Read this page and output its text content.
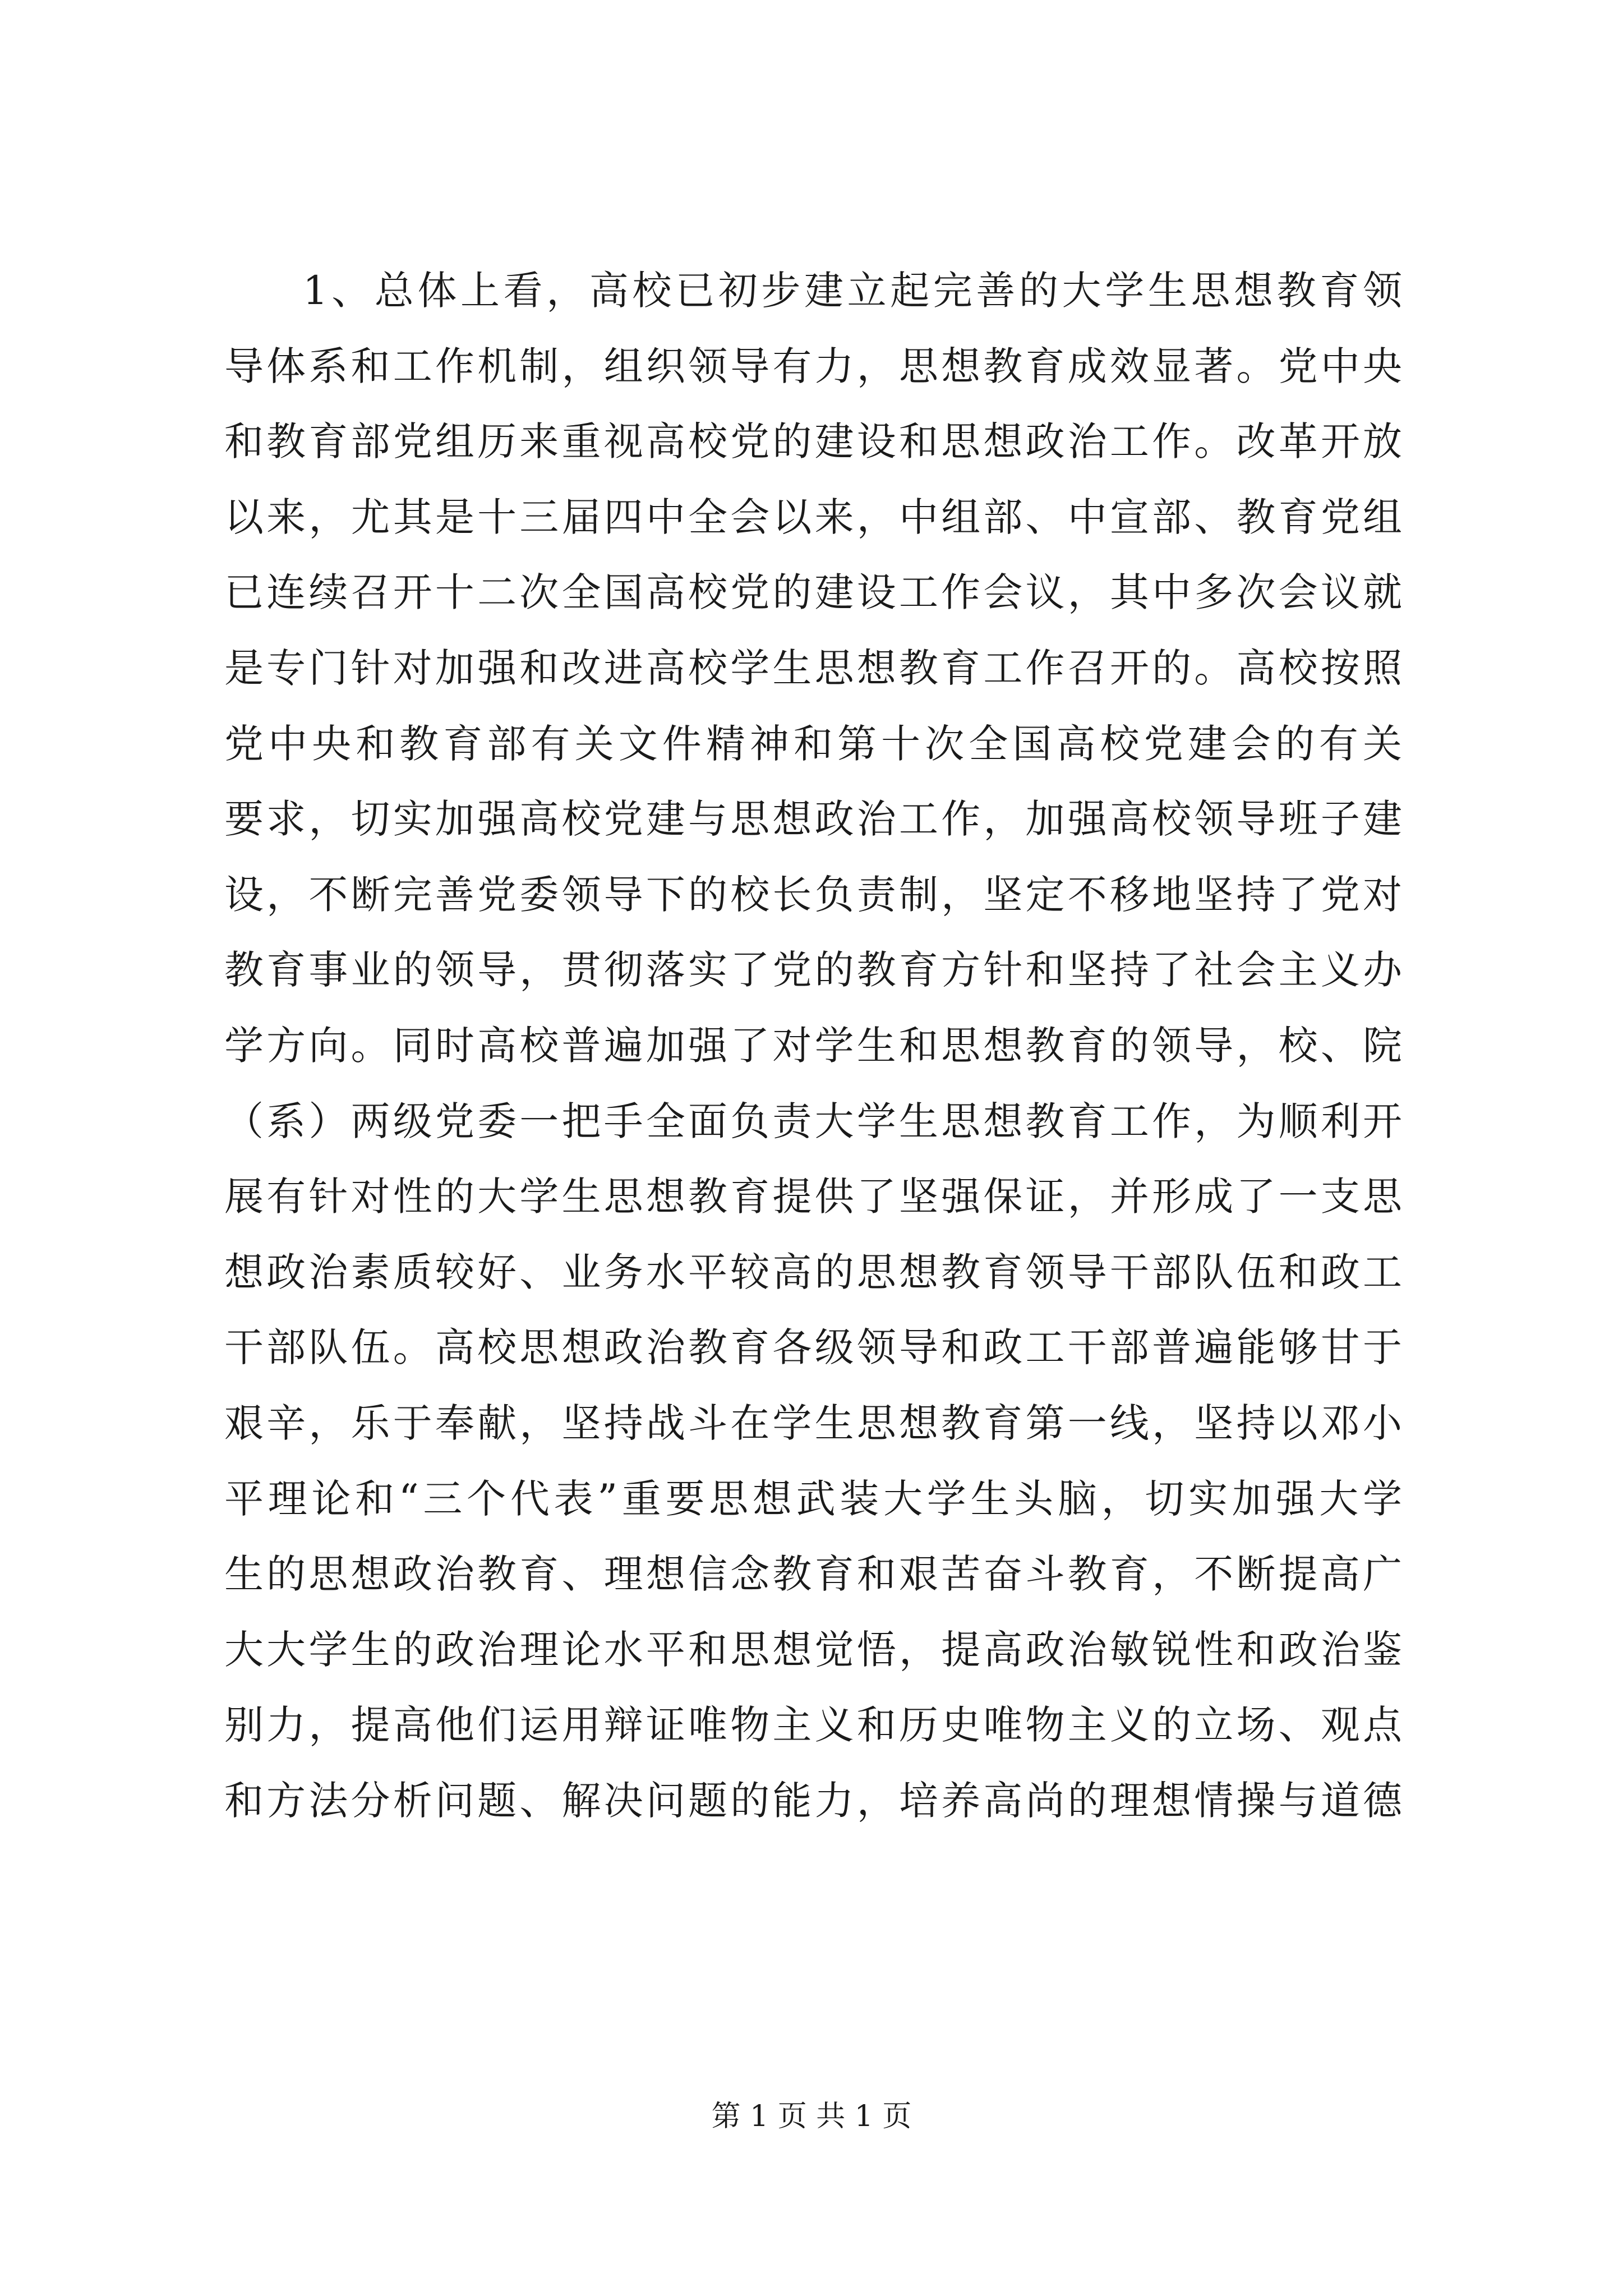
1、总体上看，高校已初步建立起完善的大学生思想教育领
导体系和工作机制，组织领导有力，思想教育成效显著。党中央
和教育部党组历来重视高校党的建设和思想政治工作。改革开放
以来，尤其是十三届四中全会以来，中组部、中宣部、教育党组
已连续召开十二次全国高校党的建设工作会议，其中多次会议就
是专门针对加强和改进高校学生思想教育工作召开的。高校按照
党中央和教育部有关文件精神和第十次全国高校党建会的有关
要求，切实加强高校党建与思想政治工作，加强高校领导班子建
设，不断完善党委领导下的校长负责制，坚定不移地坚持了党对
教育事业的领导，贯彻落实了党的教育方针和坚持了社会主义办
学方向。同时高校普遍加强了对学生和思想教育的领导，校、院
（系）两级党委一把手全面负责大学生思想教育工作，为顺利开
展有针对性的大学生思想教育提供了坚强保证，并形成了一支思
想政治素质较好、业务水平较高的思想教育领导干部队伍和政工
干部队伍。高校思想政治教育各级领导和政工干部普遍能够甘于
艰辛，乐于奉献，坚持战斗在学生思想教育第一线，坚持以邓小
平理论和“三个代表”重要思想武装大学生头脑，切实加强大学
生的思想政治教育、理想信念教育和艰苦奋斗教育，不断提高广
大大学生的政治理论水平和思想觉悟，提高政治敏锐性和政治鉴
别力，提高他们运用辩证唯物主义和历史唯物主义的立场、观点
和方法分析问题、解决问题的能力，培养高尚的理想情操与道德
第 1 页 共 1 页
